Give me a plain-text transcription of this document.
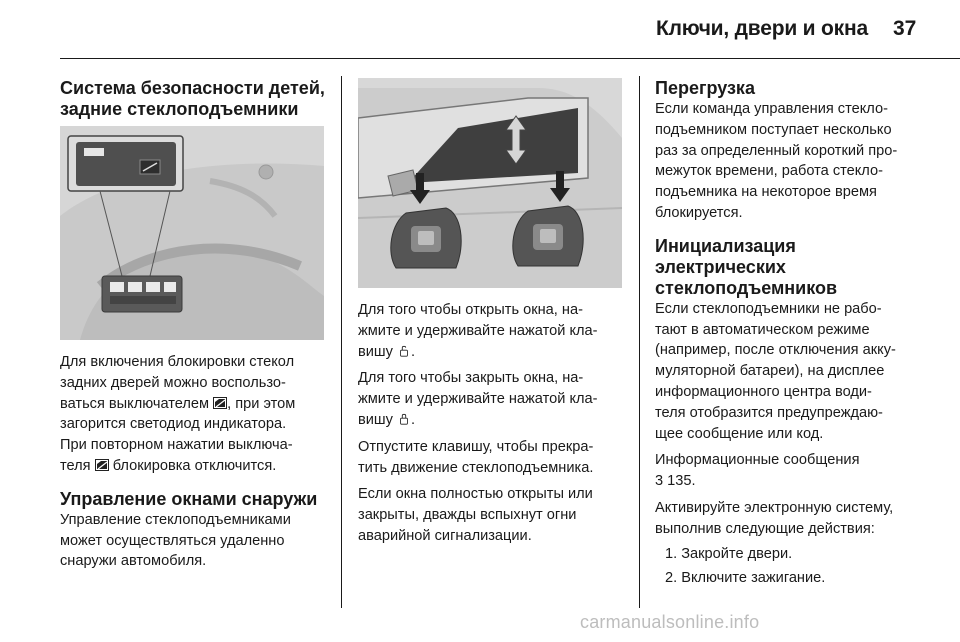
Ключи, двери и окна 37
Система безопасности детей,
задние стеклоподъемники
Для включения блокировки стекол
задних дверей можно воспользо-
ваться выключателем , при этом
загорится светодиод индикатора.
При повторном нажатии выключа-
теля блокировка отключится.
Управление окнами снаружи
Управление стеклоподъемниками
может осуществляться удаленно
снаружи автомобиля.
Для того чтобы открыть окна, на-
жмите и удерживайте нажатой кла-
вишу .
Для того чтобы закрыть окна, на-
жмите и удерживайте нажатой кла-
вишу .
Отпустите клавишу, чтобы прекра-
тить движение стеклоподъемника.
Если окна полностью открыты или
закрыты, дважды вспыхнут огни
аварийной сигнализации.
Перегрузка
Если команда управления стекло-
подъемником поступает несколько
раз за определенный короткий про-
межуток времени, работа стекло-
подъемника на некоторое время
блокируется.
Инициализация
электрических
стеклоподъемников
Если стеклоподъемники не рабо-
тают в автоматическом режиме
(например, после отключения акку-
муляторной батареи), на дисплее
информационного центра води-
теля отобразится предупреждаю-
щее сообщение или код.
Информационные сообщения
3 135.
Активируйте электронную систему,
выполнив следующие действия:
1. Закройте двери.
2. Включите зажигание.
carmanualsonline.info
